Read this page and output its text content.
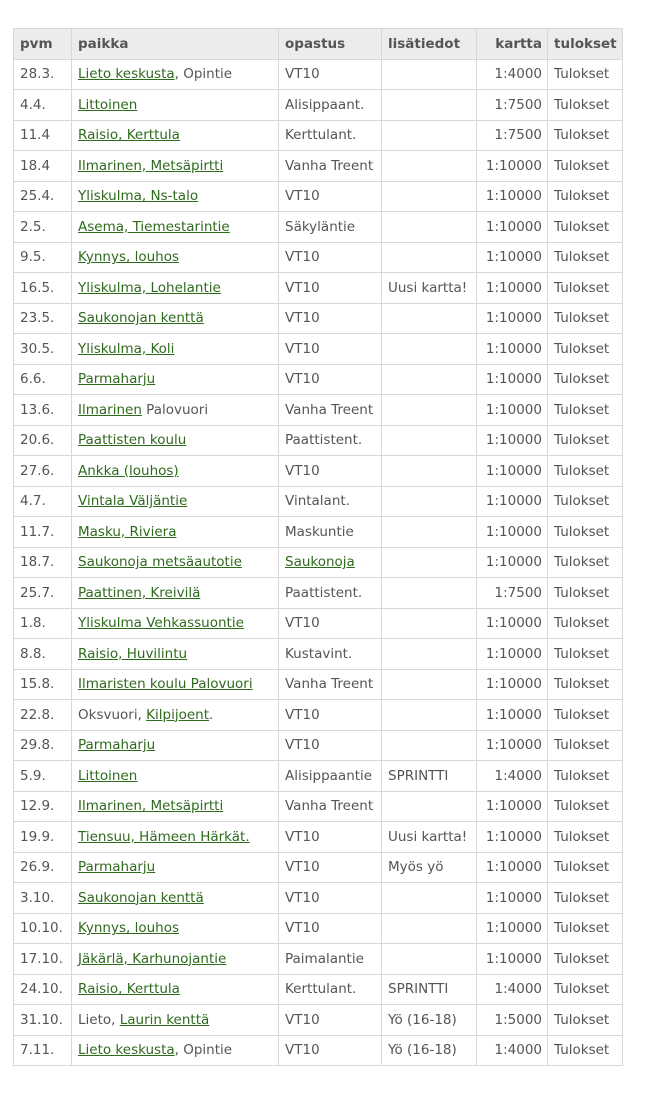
pvm	paikka	opastus	lisätiedot	kartta	tulokset
28.3.	Lieto keskusta, Opintie	VT10		1:4000	Tulokset
4.4.	Littoinen	Alisippaant.		1:7500	Tulokset
11.4	Raisio, Kerttula	Kerttulant.		1:7500	Tulokset
18.4	Ilmarinen, Metsäpirtti	Vanha Treent		1:10000	Tulokset
25.4.	Yliskulma, Ns-talo	VT10		1:10000	Tulokset
2.5.	Asema, Tiemestarintie	Säkyläntie		1:10000	Tulokset
9.5.	Kynnys, louhos	VT10		1:10000	Tulokset
16.5.	Yliskulma, Lohelantie	VT10	Uusi kartta!	1:10000	Tulokset
23.5.	Saukonojan kenttä	VT10		1:10000	Tulokset
30.5.	Yliskulma, Koli	VT10		1:10000	Tulokset
6.6.	Parmaharju	VT10		1:10000	Tulokset
13.6.	Ilmarinen Palovuori	Vanha Treent		1:10000	Tulokset
20.6.	Paattisten koulu	Paattistent.		1:10000	Tulokset
27.6.	Ankka (louhos)	VT10		1:10000	Tulokset
4.7.	Vintala Väljäntie	Vintalant.		1:10000	Tulokset
11.7.	Masku, Riviera	Maskuntie		1:10000	Tulokset
18.7.	Saukonoja metsäautotie	Saukonoja		1:10000	Tulokset
25.7.	Paattinen, Kreivilä	Paattistent.		1:7500	Tulokset
1.8.	Yliskulma Vehkassuontie	VT10		1:10000	Tulokset
8.8.	Raisio, Huvilintu	Kustavint.		1:10000	Tulokset
15.8.	Ilmaristen koulu Palovuori	Vanha Treent		1:10000	Tulokset
22.8.	Oksvuori, Kilpijoent.	VT10		1:10000	Tulokset
29.8.	Parmaharju	VT10		1:10000	Tulokset
5.9.	Littoinen	Alisippaantie	SPRINTTI	1:4000	Tulokset
12.9.	Ilmarinen, Metsäpirtti	Vanha Treent		1:10000	Tulokset
19.9.	Tiensuu, Hämeen Härkät.	VT10	Uusi kartta!	1:10000	Tulokset
26.9.	Parmaharju	VT10	Myös yö	1:10000	Tulokset
3.10.	Saukonojan kenttä	VT10		1:10000	Tulokset
10.10.	Kynnys, louhos	VT10		1:10000	Tulokset
17.10.	Jäkärlä, Karhunojantie	Paimalantie		1:10000	Tulokset
24.10.	Raisio, Kerttula	Kerttulant.	SPRINTTI	1:4000	Tulokset
31.10.	Lieto, Laurin kenttä	VT10	Yö (16-18)	1:5000	Tulokset
7.11.	Lieto keskusta, Opintie	VT10	Yö (16-18)	1:4000	Tulokset
